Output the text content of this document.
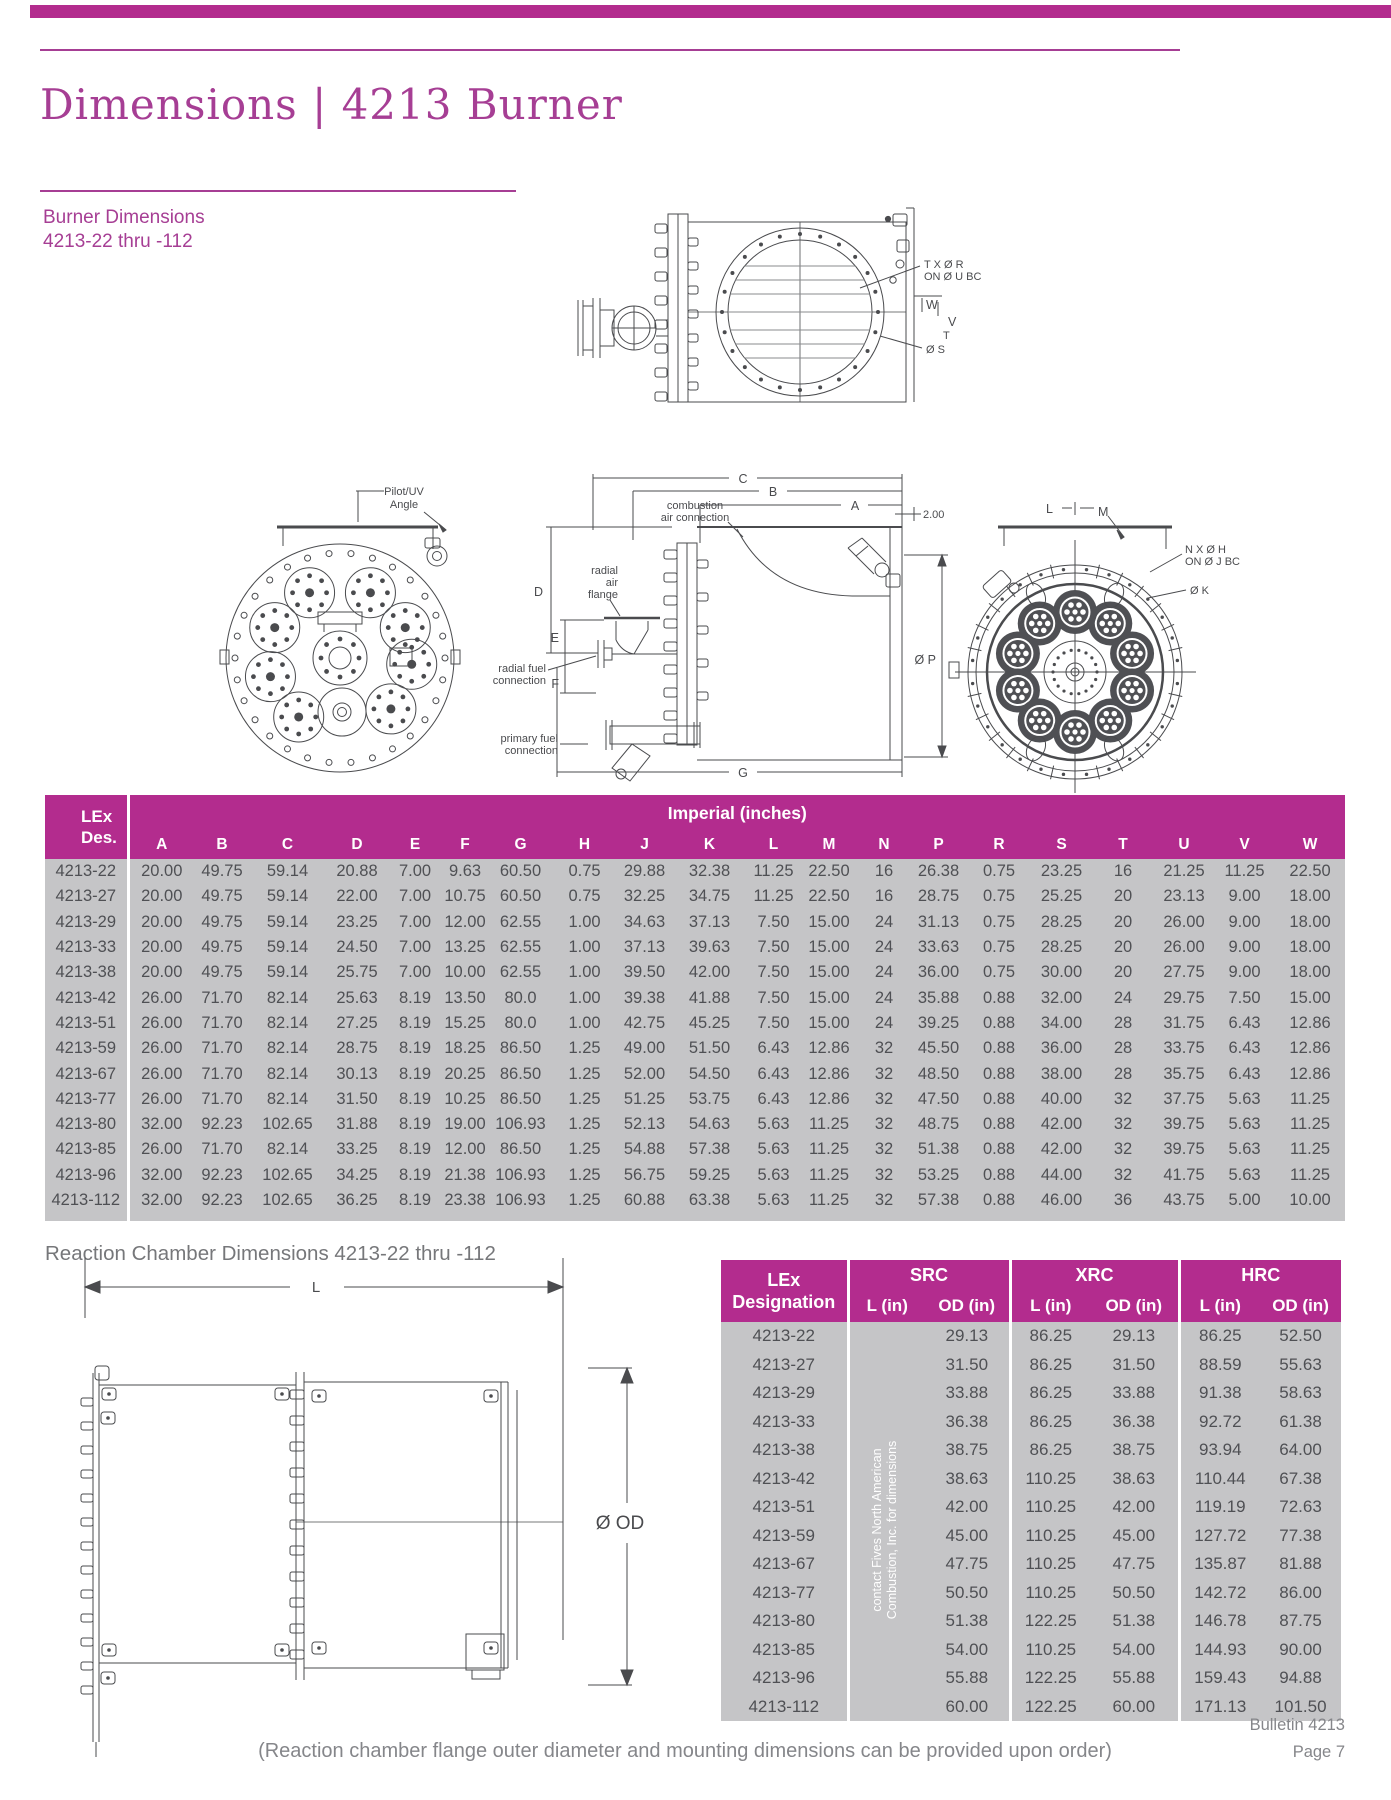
Dimensions | 4213 Burner
Burner Dimensions
4213-22 thru -112
T X Ø R
ON Ø U BC
W
V
T
Ø S
Pilot/UV
Angle
C
B
A
2.00
combustion
air connection
radial
air
flange
D
E
F
radial fuel
connection
primary fuel
connection
Ø P
G
L	M
N X Ø H
ON Ø J BC
Ø K
LEx
Des.	Imperial (inches)																			
	A	B	C	D	E	F	G	H	J	K	L	M	N	P	R	S	T	U	V	W
4213-22	20.00	49.75	59.14	20.88	7.00	9.63	60.50	0.75	29.88	32.38	11.25	22.50	16	26.38	0.75	23.25	16	21.25	11.25	22.50
4213-27	20.00	49.75	59.14	22.00	7.00	10.75	60.50	0.75	32.25	34.75	11.25	22.50	16	28.75	0.75	25.25	20	23.13	9.00	18.00
4213-29	20.00	49.75	59.14	23.25	7.00	12.00	62.55	1.00	34.63	37.13	7.50	15.00	24	31.13	0.75	28.25	20	26.00	9.00	18.00
4213-33	20.00	49.75	59.14	24.50	7.00	13.25	62.55	1.00	37.13	39.63	7.50	15.00	24	33.63	0.75	28.25	20	26.00	9.00	18.00
4213-38	20.00	49.75	59.14	25.75	7.00	10.00	62.55	1.00	39.50	42.00	7.50	15.00	24	36.00	0.75	30.00	20	27.75	9.00	18.00
4213-42	26.00	71.70	82.14	25.63	8.19	13.50	80.0	1.00	39.38	41.88	7.50	15.00	24	35.88	0.88	32.00	24	29.75	7.50	15.00
4213-51	26.00	71.70	82.14	27.25	8.19	15.25	80.0	1.00	42.75	45.25	7.50	15.00	24	39.25	0.88	34.00	28	31.75	6.43	12.86
4213-59	26.00	71.70	82.14	28.75	8.19	18.25	86.50	1.25	49.00	51.50	6.43	12.86	32	45.50	0.88	36.00	28	33.75	6.43	12.86
4213-67	26.00	71.70	82.14	30.13	8.19	20.25	86.50	1.25	52.00	54.50	6.43	12.86	32	48.50	0.88	38.00	28	35.75	6.43	12.86
4213-77	26.00	71.70	82.14	31.50	8.19	10.25	86.50	1.25	51.25	53.75	6.43	12.86	32	47.50	0.88	40.00	32	37.75	5.63	11.25
4213-80	32.00	92.23	102.65	31.88	8.19	19.00	106.93	1.25	52.13	54.63	5.63	11.25	32	48.75	0.88	42.00	32	39.75	5.63	11.25
4213-85	26.00	71.70	82.14	33.25	8.19	12.00	86.50	1.25	54.88	57.38	5.63	11.25	32	51.38	0.88	42.00	32	39.75	5.63	11.25
4213-96	32.00	92.23	102.65	34.25	8.19	21.38	106.93	1.25	56.75	59.25	5.63	11.25	32	53.25	0.88	44.00	32	41.75	5.63	11.25
4213-112	32.00	92.23	102.65	36.25	8.19	23.38	106.93	1.25	60.88	63.38	5.63	11.25	32	57.38	0.88	46.00	36	43.75	5.00	10.00
Reaction Chamber Dimensions 4213-22 thru -112
L
Ø OD
LEx
Designation	SRC		XRC		HRC	
	L (in)	OD (in)	L (in)	OD (in)	L (in)	OD (in)
4213-22		29.13	86.25	29.13	86.25	52.50
4213-27		31.50	86.25	31.50	88.59	55.63
4213-29		33.88	86.25	33.88	91.38	58.63
4213-33		36.38	86.25	36.38	92.72	61.38
4213-38		38.75	86.25	38.75	93.94	64.00
4213-42		38.63	110.25	38.63	110.44	67.38
4213-51		42.00	110.25	42.00	119.19	72.63
4213-59		45.00	110.25	45.00	127.72	77.38
4213-67		47.75	110.25	47.75	135.87	81.88
4213-77		50.50	110.25	50.50	142.72	86.00
4213-80		51.38	122.25	51.38	146.78	87.75
4213-85		54.00	110.25	54.00	144.93	90.00
4213-96		55.88	122.25	55.88	159.43	94.88
4213-112		60.00	122.25	60.00	171.13	101.50
contact Fives North American Combustion, Inc. for dimensions
(Reaction chamber flange outer diameter and mounting dimensions can be provided upon order)
Bulletin 4213
Page 7
